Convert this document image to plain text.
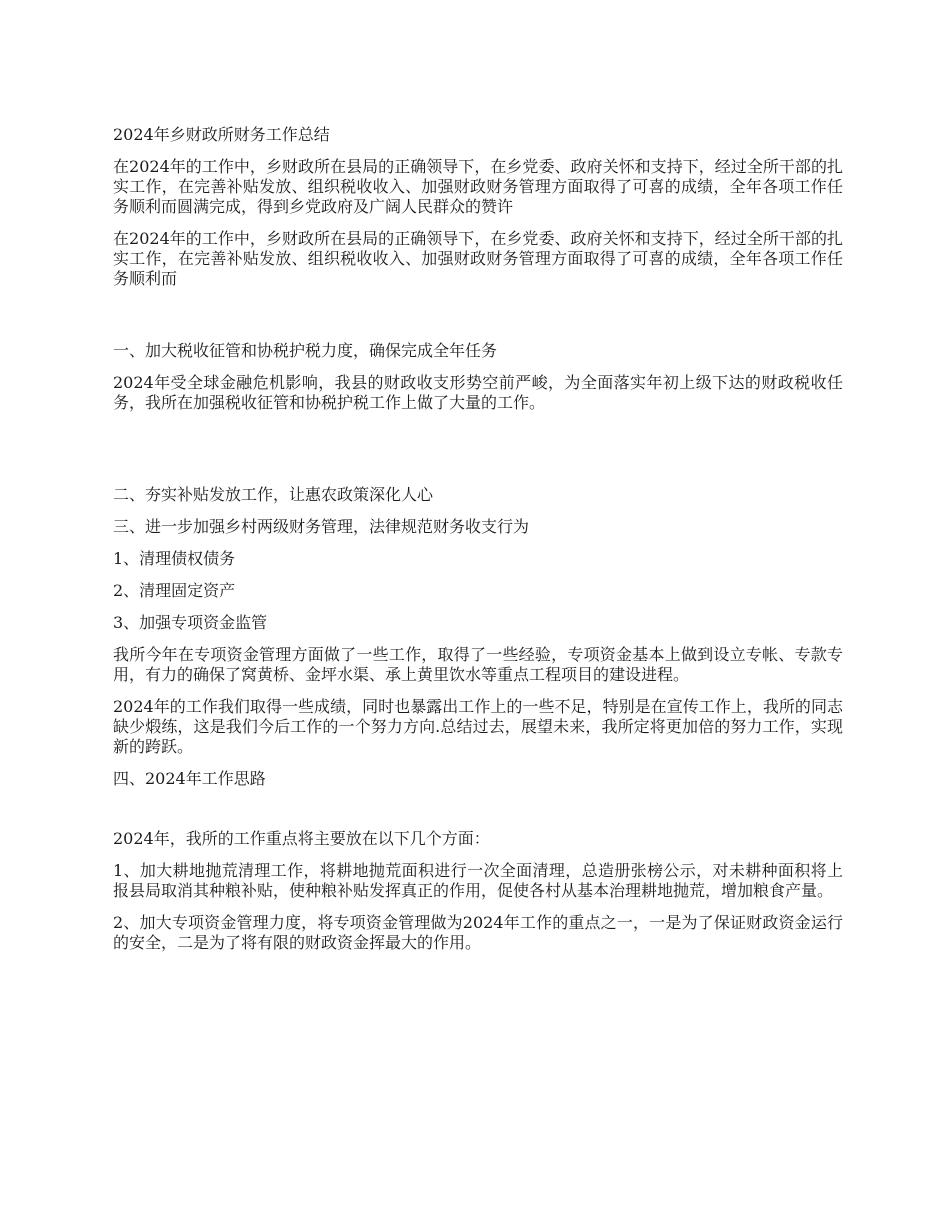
2024年乡财政所财务工作总结

在2024年的工作中，乡财政所在县局的正确领导下，在乡党委、政府关怀和支持下，经过全所干部的扎实工作，在完善补贴发放、组织税收收入、加强财政财务管理方面取得了可喜的成绩，全年各项工作任务顺利而圆满完成，得到乡党政府及广阔人民群众的赞许

在2024年的工作中，乡财政所在县局的正确领导下，在乡党委、政府关怀和支持下，经过全所干部的扎实工作，在完善补贴发放、组织税收收入、加强财政财务管理方面取得了可喜的成绩，全年各项工作任务顺利而

一、加大税收征管和协税护税力度，确保完成全年任务

2024年受全球金融危机影响，我县的财政收支形势空前严峻，为全面落实年初上级下达的财政税收任务，我所在加强税收征管和协税护税工作上做了大量的工作。

二、夯实补贴发放工作，让惠农政策深化人心

三、进一步加强乡村两级财务管理，法律规范财务收支行为

1、清理债权债务

2、清理固定资产

3、加强专项资金监管

我所今年在专项资金管理方面做了一些工作，取得了一些经验，专项资金基本上做到设立专帐、专款专用，有力的确保了窝黄桥、金坪水渠、承上黄里饮水等重点工程项目的建设进程。

2024年的工作我们取得一些成绩，同时也暴露出工作上的一些不足，特别是在宣传工作上，我所的同志缺少煅练，这是我们今后工作的一个努力方向.总结过去，展望未来，我所定将更加倍的努力工作，实现新的跨跃。

四、2024年工作思路

2024年，我所的工作重点将主要放在以下几个方面：

1、加大耕地抛荒清理工作，将耕地抛荒面积进行一次全面清理，总造册张榜公示，对未耕种面积将上报县局取消其种粮补贴，使种粮补贴发挥真正的作用，促使各村从基本治理耕地抛荒，增加粮食产量。

2、加大专项资金管理力度，将专项资金管理做为2024年工作的重点之一，一是为了保证财政资金运行的安全，二是为了将有限的财政资金挥最大的作用。
